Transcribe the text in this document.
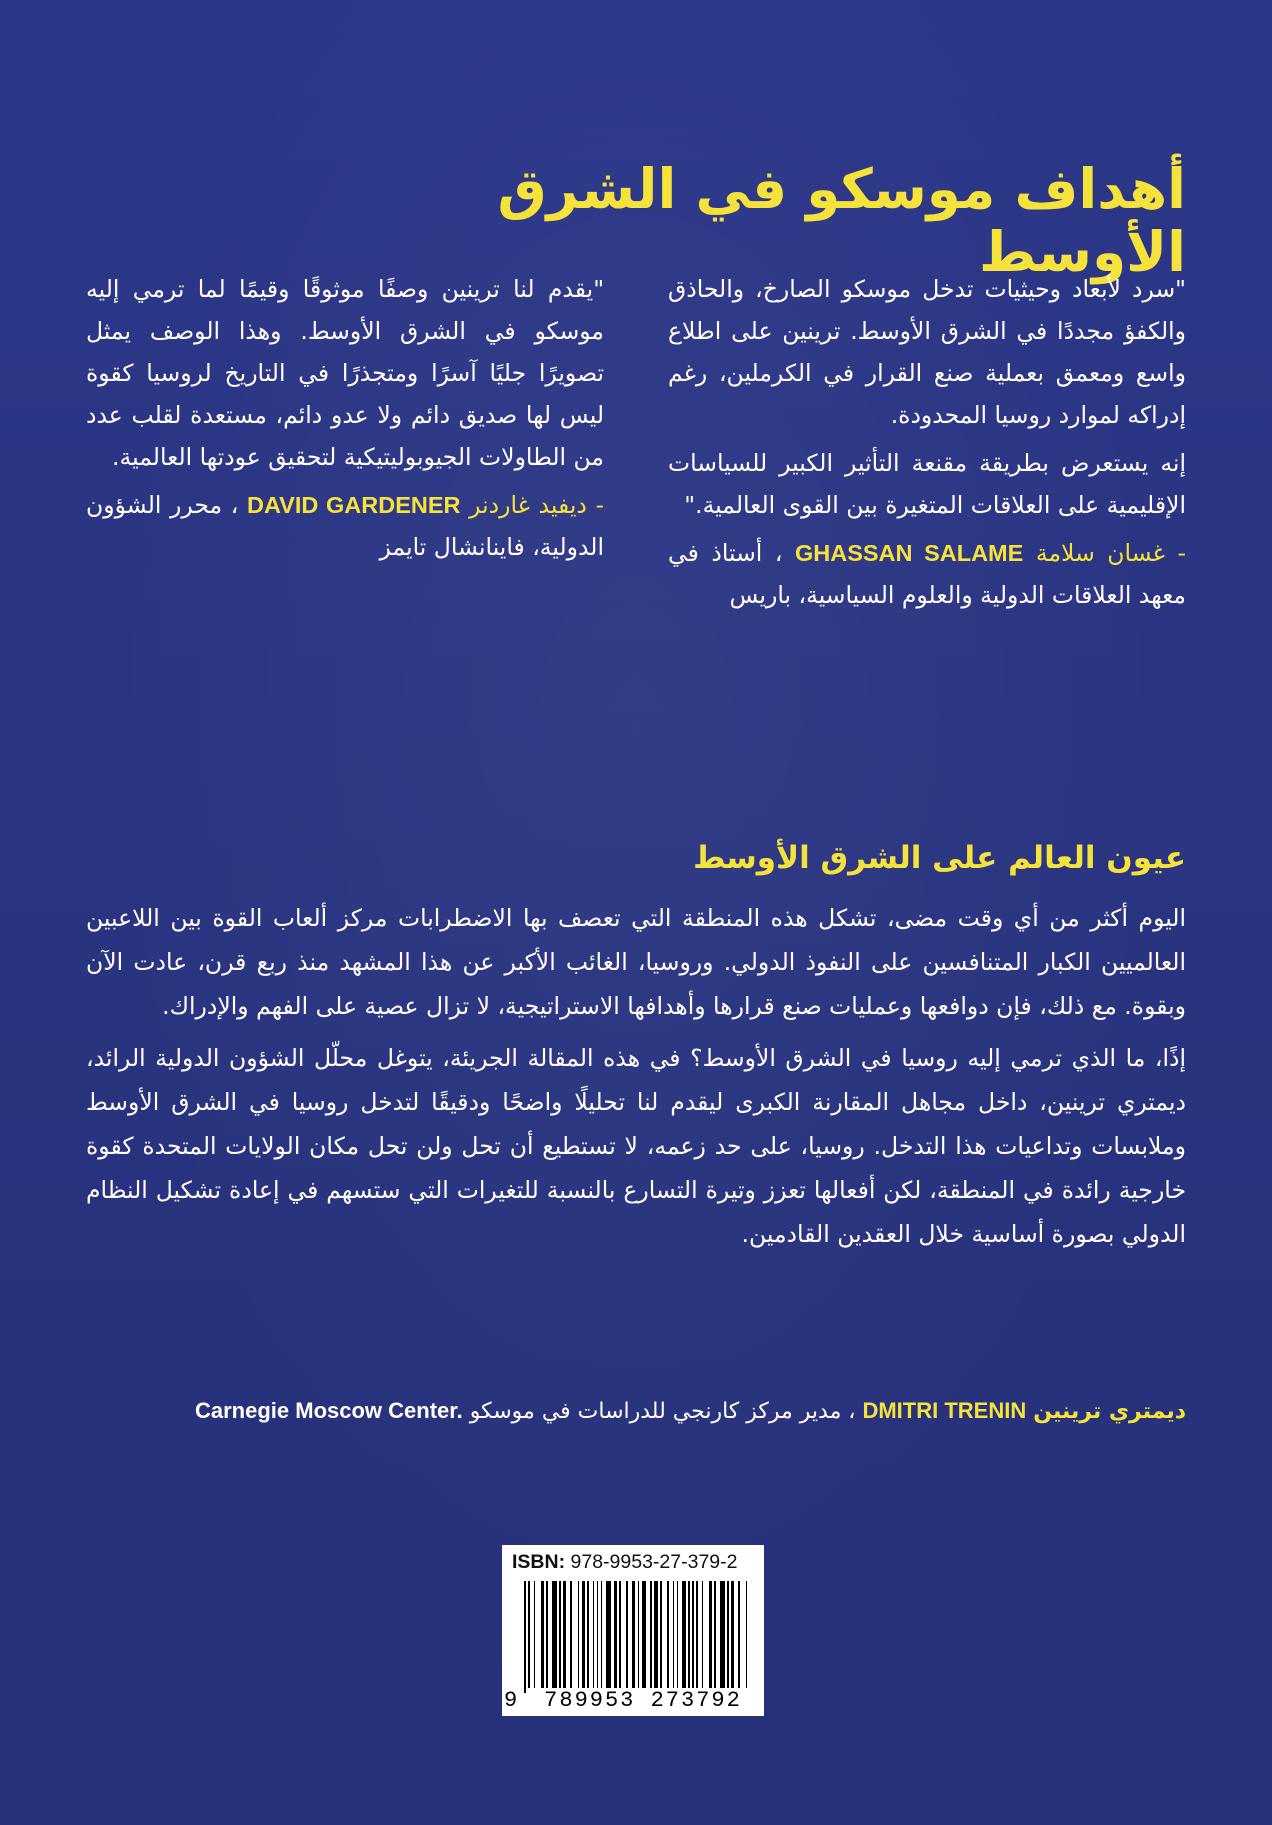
أهداف موسكو في الشرق الأوسط

"سرد لأبعاد وحيثيات تدخل موسكو الصارخ، والحاذق والكفؤ مجددًا في الشرق الأوسط. ترينين على اطلاع واسع ومعمق بعملية صنع القرار في الكرملين، رغم إدراكه لموارد روسيا المحدودة.

إنه يستعرض بطريقة مقنعة التأثير الكبير للسياسات الإقليمية على العلاقات المتغيرة بين القوى العالمية."

- غسان سلامة GHASSAN SALAME ، أستاذ في معهد العلاقات الدولية والعلوم السياسية، باريس

"يقدم لنا ترينين وصفًا موثوقًا وقيمًا لما ترمي إليه موسكو في الشرق الأوسط. وهذا الوصف يمثل تصويرًا جليًا آسرًا ومتجذرًا في التاريخ لروسيا كقوة ليس لها صديق دائم ولا عدو دائم، مستعدة لقلب عدد من الطاولات الجيوبوليتيكية لتحقيق عودتها العالمية.

- ديفيد غاردنر DAVID GARDENER ، محرر الشؤون الدولية، فاينانشال تايمز
عيون العالم على الشرق الأوسط

اليوم أكثر من أي وقت مضى، تشكل هذه المنطقة التي تعصف بها الاضطرابات مركز ألعاب القوة بين اللاعبين العالميين الكبار المتنافسين على النفوذ الدولي. وروسيا، الغائب الأكبر عن هذا المشهد منذ ربع قرن، عادت الآن وبقوة. مع ذلك، فإن دوافعها وعمليات صنع قرارها وأهدافها الاستراتيجية، لا تزال عصية على الفهم والإدراك.

إذًا، ما الذي ترمي إليه روسيا في الشرق الأوسط؟ في هذه المقالة الجريئة، يتوغل محلّل الشؤون الدولية الرائد، ديمتري ترينين، داخل مجاهل المقارنة الكبرى ليقدم لنا تحليلًا واضحًا ودقيقًا لتدخل روسيا في الشرق الأوسط وملابسات وتداعيات هذا التدخل. روسيا، على حد زعمه، لا تستطيع أن تحل ولن تحل مكان الولايات المتحدة كقوة خارجية رائدة في المنطقة، لكن أفعالها تعزز وتيرة التسارع بالنسبة للتغيرات التي ستسهم في إعادة تشكيل النظام الدولي بصورة أساسية خلال العقدين القادمين.

ديمتري ترينين DMITRI TRENIN ، مدير مركز كارنجي للدراسات في موسكو Carnegie Moscow Center.
ISBN: 978-9953-27-379-2
9	789953 273792
